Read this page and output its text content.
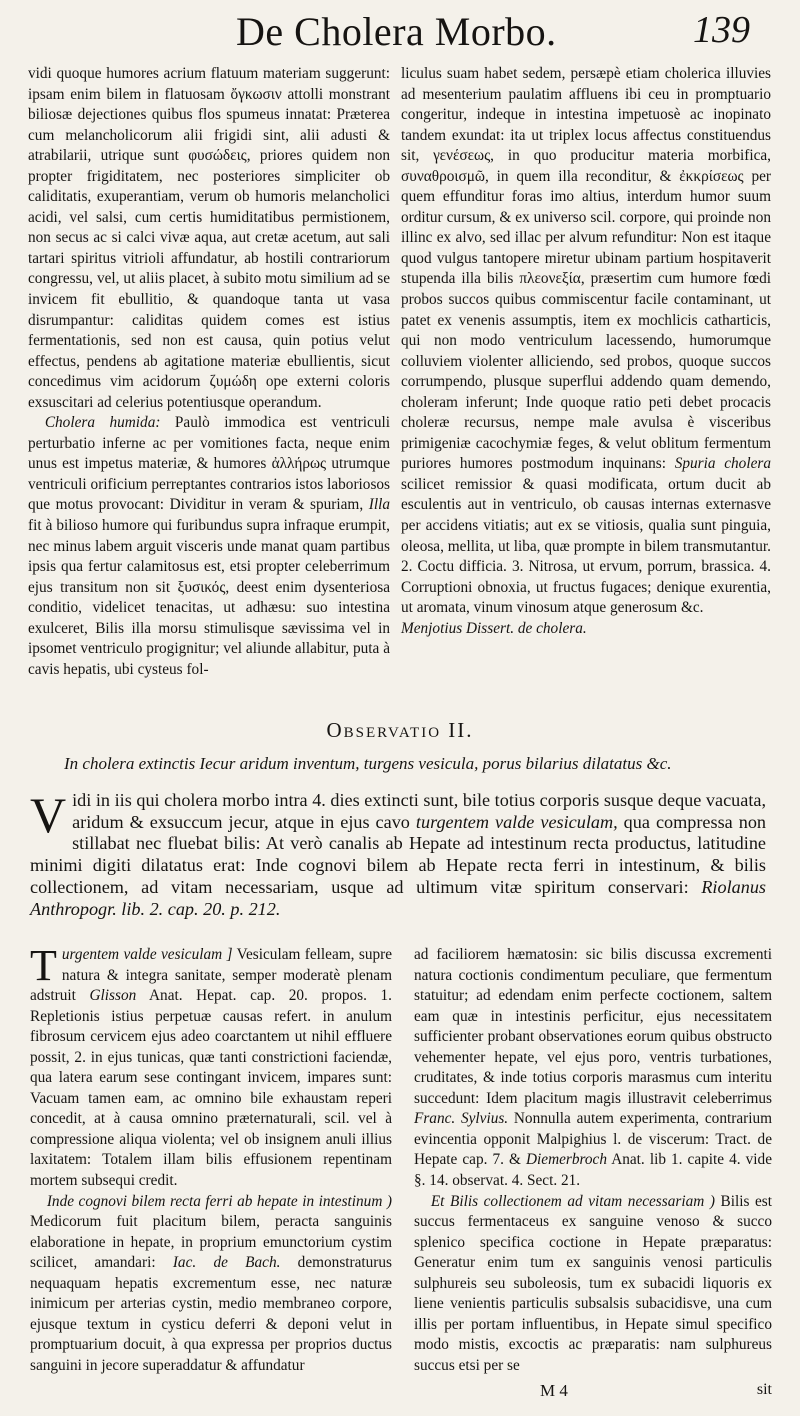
De Cholera Morbo.	139

vidi quoque humores acrium flatuum materiam suggerunt: ipsam enim bilem in flatuosam ὄγκωσιν attolli monstrant biliosæ dejectiones quibus flos spumeus innatat: Præterea cum melancholicorum alii frigidi sint, alii adusti & atrabilarii, utrique sunt φυσώδεις, priores quidem non propter frigiditatem, nec posteriores simpliciter ob caliditatis, exuperantiam, verum ob humoris melancholici acidi, vel salsi, cum certis humiditatibus permistionem, non secus ac si calci vivæ aqua, aut cretæ acetum, aut sali tartari spiritus vitrioli affundatur, ab hostili contrariorum congressu, vel, ut aliis placet, à subito motu similium ad se invicem fit ebullitio, & quandoque tanta ut vasa disrumpantur: caliditas quidem comes est istius fermentationis, sed non est causa, quin potius velut effectus, pendens ab agitatione materiæ ebullientis, sicut concedimus vim acidorum ζυμώδη ope externi coloris exsuscitari ad celerius potentiusque operandum.

Cholera humida: Paulò immodica est ventriculi perturbatio inferne ac per vomitiones facta, neque enim unus est impetus materiæ, & humores ἀλλήρως utrumque ventriculi orificium perreptantes contrarios istos laboriosos que motus provocant: Dividitur in veram & spuriam, Illa fit à bilioso humore qui furibundus supra infraque erumpit, nec minus labem arguit visceris unde manat quam partibus ipsis qua fertur calamitosus est, etsi propter celeberrimum ejus transitum non sit ξυσικός, deest enim dysenteriosa conditio, videlicet tenacitas, ut adhæsu: suo intestina exulceret, Bilis illa morsu stimulisque sævissima vel in ipsomet ventriculo progignitur; vel aliunde allabitur, puta à cavis hepatis, ubi cysteus fol-

liculus suam habet sedem, persæpè etiam cholerica illuvies ad mesenterium paulatim affluens ibi ceu in promptuario congeritur, indeque in intestina impetuosè ac inopinato tandem exundat: ita ut triplex locus affectus constituendus sit, γενέσεως, in quo producitur materia morbifica, συναθροισμῶ, in quem illa reconditur, & ἐκκρίσεως per quem effunditur foras imo altius, interdum humor suum orditur cursum, & ex universo scil. corpore, qui proinde non illinc ex alvo, sed illac per alvum refunditur: Non est itaque quod vulgus tantopere miretur ubinam partium hospitaverit stupenda illa bilis πλεονεξία, præsertim cum humore fœdi probos succos quibus commiscentur facile contaminant, ut patet ex venenis assumptis, item ex mochlicis catharticis, qui non modo ventriculum lacessendo, humorumque colluviem violenter alliciendo, sed probos, quoque succos corrumpendo, plusque superflui addendo quam demendo, choleram inferunt; Inde quoque ratio peti debet procacis choleræ recursus, nempe male avulsa è visceribus primigeniæ cacochymiæ feges, & velut oblitum fermentum puriores humores postmodum inquinans: Spuria cholera scilicet remissior & quasi modificata, ortum ducit ab esculentis aut in ventriculo, ob causas internas externasve per accidens vitiatis; aut ex se vitiosis, qualia sunt pinguia, oleosa, mellita, ut liba, quæ prompte in bilem transmutantur. 2. Coctu difficia. 3. Nitrosa, ut ervum, porrum, brassica. 4. Corruptioni obnoxia, ut fructus fugaces; denique exurentia, ut aromata, vinum vinosum atque generosum &c.

Menjotius Dissert. de cholera.

Observatio II.
In cholera extinctis Iecur aridum inventum, turgens vesicula, porus bilarius dilatatus &c.

Vidi in iis qui cholera morbo intra 4. dies extincti sunt, bile totius corporis susque deque vacuata, aridum & exsuccum jecur, atque in ejus cavo turgentem valde vesiculam, qua compressa non stillabat nec fluebat bilis: At verò canalis ab Hepate ad intestinum recta productus, latitudine minimi digiti dilatatus erat: Inde cognovi bilem ab Hepate recta ferri in intestinum, & bilis collectionem, ad vitam necessariam, usque ad ultimum vitæ spiritum conservari: Riolanus Anthropogr. lib. 2. cap. 20. p. 212.

Turgentem valde vesiculam ] Vesiculam felleam, supre natura & integra sanitate, semper moderatè plenam adstruit Glisson Anat. Hepat. cap. 20. propos. 1. Repletionis istius perpetuæ causas refert. in anulum fibrosum cervicem ejus adeo coarctantem ut nihil effluere possit, 2. in ejus tunicas, quæ tanti constrictioni faciendæ, qua latera earum sese contingant invicem, impares sunt: Vacuam tamen eam, ac omnino bile exhaustam reperi concedit, at à causa omnino præternaturali, scil. vel à compressione aliqua violenta; vel ob insignem anuli illius laxitatem: Totalem illam bilis effusionem repentinam mortem subsequi credit.

Inde cognovi bilem recta ferri ab hepate in intestinum ) Medicorum fuit placitum bilem, peracta sanguinis elaboratione in hepate, in proprium emunctorium cystim scilicet, amandari: Iac. de Bach. demonstraturus nequaquam hepatis excrementum esse, nec naturæ inimicum per arterias cystin, medio membraneo corpore, ejusque textum in cysticu deferri & deponi velut in promptuarium docuit, à qua expressa per proprios ductus sanguini in jecore superaddatur & affundatur

ad faciliorem hæmatosin: sic bilis discussa excrementi natura coctionis condimentum peculiare, que fermentum statuitur; ad edendam enim perfecte coctionem, saltem eam quæ in intestinis perficitur, ejus necessitatem sufficienter probant observationes eorum quibus obstructo vehementer hepate, vel ejus poro, ventris turbationes, cruditates, & inde totius corporis marasmus cum interitu succedunt: Idem placitum magis illustravit celeberrimus Franc. Sylvius. Nonnulla autem experimenta, contrarium evincentia opponit Malpighius l. de viscerum: Tract. de Hepate cap. 7. & Diemerbroch Anat. lib 1. capite 4. vide §. 14. observat. 4. Sect. 21.

Et Bilis collectionem ad vitam necessariam ) Bilis est succus fermentaceus ex sanguine venoso & succo splenico specifica coctione in Hepate præparatus: Generatur enim tum ex sanguinis venosi particulis sulphureis seu suboleosis, tum ex subacidi liquoris ex liene venientis particulis subsalsis subacidisve, una cum illis per portam influentibus, in Hepate simul specifico modo mistis, excoctis ac præparatis: nam sulphureus succus etsi per se

M 4	sit
